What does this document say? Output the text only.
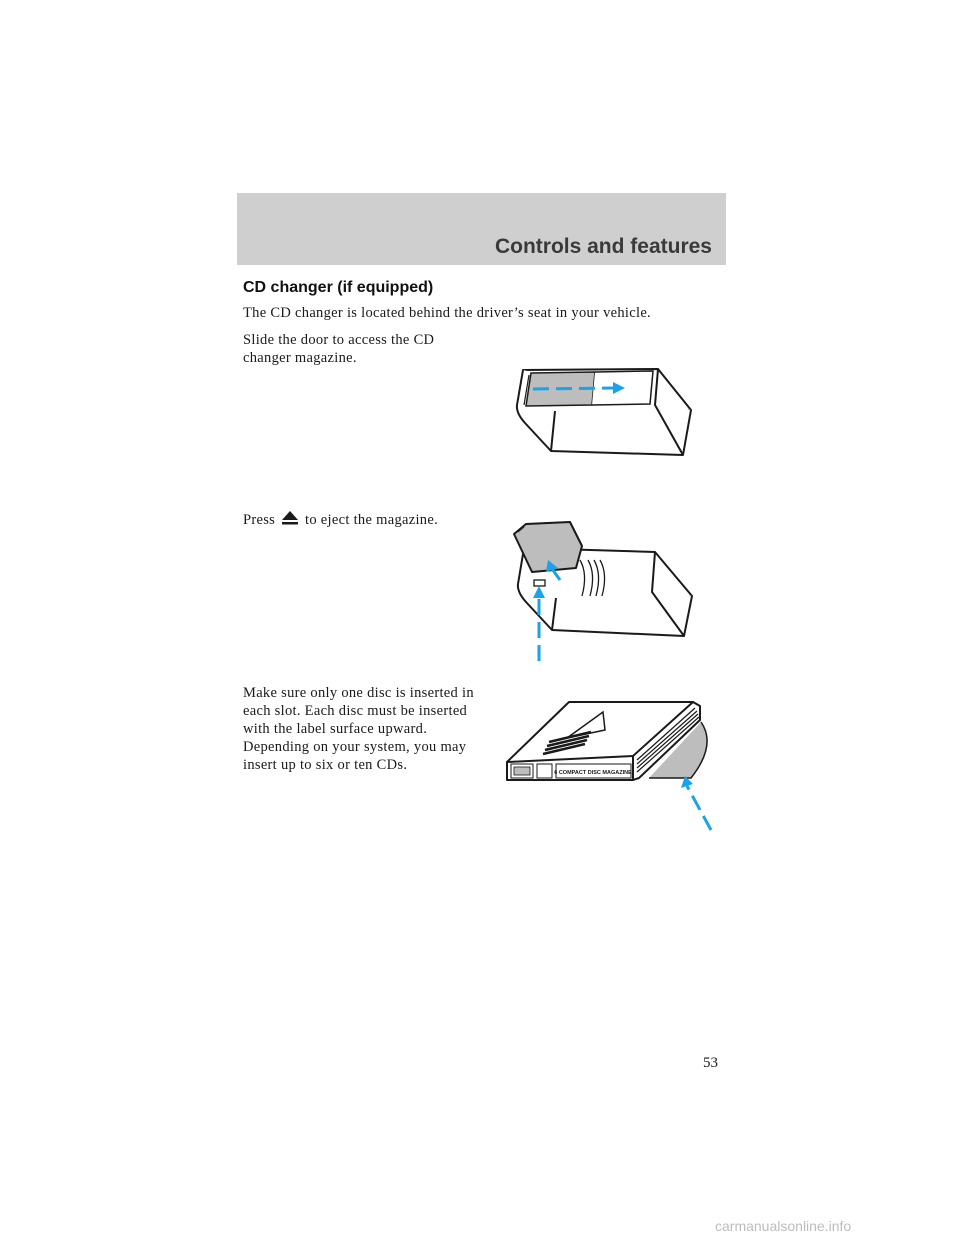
Controls and features
CD changer (if equipped)
The CD changer is located behind the driver’s seat in your vehicle.
Slide the door to access the CD changer magazine.
Press to eject the magazine.
Make sure only one disc is inserted in each slot. Each disc must be inserted with the label surface upward. Depending on your system, you may insert up to six or ten CDs.	6 COMPACT DISC MAGAZINE
53
carmanualsonline.info
